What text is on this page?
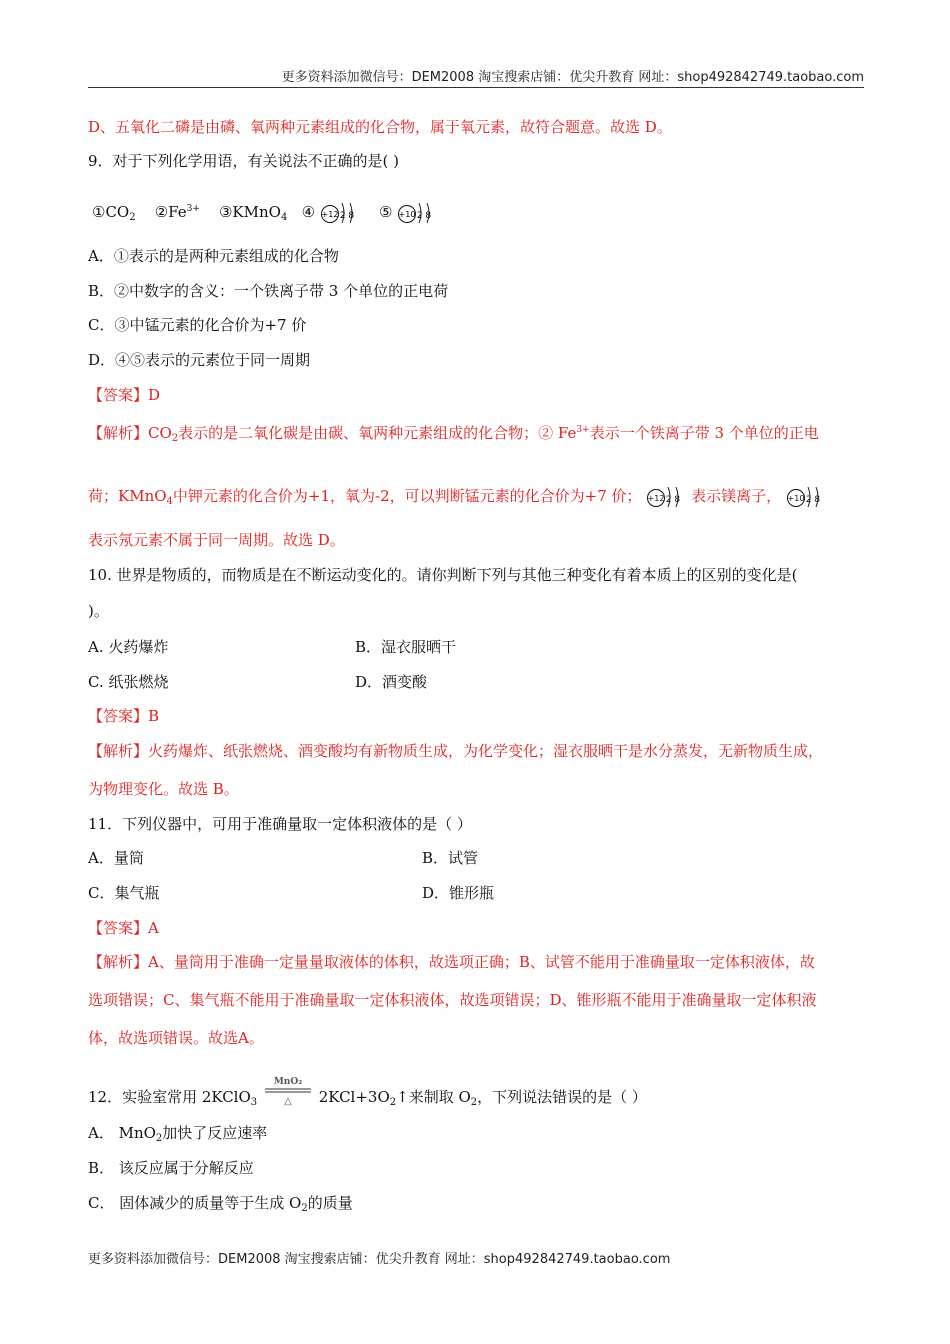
更多资料添加微信号：DEM2008 淘宝搜索店铺：优尖升教育 网址：shop492842749.taobao.com
D、五氧化二磷是由磷、氧两种元素组成的化合物，属于氧元素，故符合题意。故选 D。
9．对于下列化学用语，有关说法不正确的是( )
$①CO_2$ $②Fe^{3+}$ ③KMnO$_4$ ④ +12 2 8 ⑤ +10 2 8
A．①表示的是两种元素组成的化合物
B．②中数字的含义：一个铁离子带 3 个单位的正电荷
C．③中锰元素的化合价为+7 价
D．④⑤表示的元素位于同一周期
【答案】D
【解析】$CO_2$表示的是二氧化碳是由碳、氧两种元素组成的化合物；② $Fe^{3+}$表示一个铁离子带 3 个单位的正电
荷；KMnO$_4$中钾元素的化合价为+1，氧为-2，可以判断锰元素的化合价为+7 价； +12 2 8 表示镁离子， +10 2 8
表示氖元素不属于同一周期。故选 D。
10. 世界是物质的，而物质是在不断运动变化的。请你判断下列与其他三种变化有着本质上的区别的变化是(
)。
A. 火药爆炸	B．湿衣服晒干
C. 纸张燃烧	D．酒变酸
【答案】B
【解析】火药爆炸、纸张燃烧、酒变酸均有新物质生成，为化学变化；湿衣服晒干是水分蒸发，无新物质生成，
为物理变化。故选 B。
11．下列仪器中，可用于准确量取一定体积液体的是（ ）
A．量筒	B．试管
C．集气瓶	D．锥形瓶
【答案】A
【解析】A、量筒用于准确一定量量取液体的体积，故选项正确；B、试管不能用于准确量取一定体积液体，故
选项错误；C、集气瓶不能用于准确量取一定体积液体，故选项错误；D、锥形瓶不能用于准确量取一定体积液
体，故选项错误。故选A。
12．实验室常用 2KClO$_3$
MnO₂
△ $2KCl+3O_2↑$来制取 $O_2$，下列说法错误的是（ ）
A． MnO$_2$加快了反应速率
B． 该反应属于分解反应
C． 固体减少的质量等于生成 $O_2$的质量
更多资料添加微信号：DEM2008 淘宝搜索店铺：优尖升教育 网址：shop492842749.taobao.com
